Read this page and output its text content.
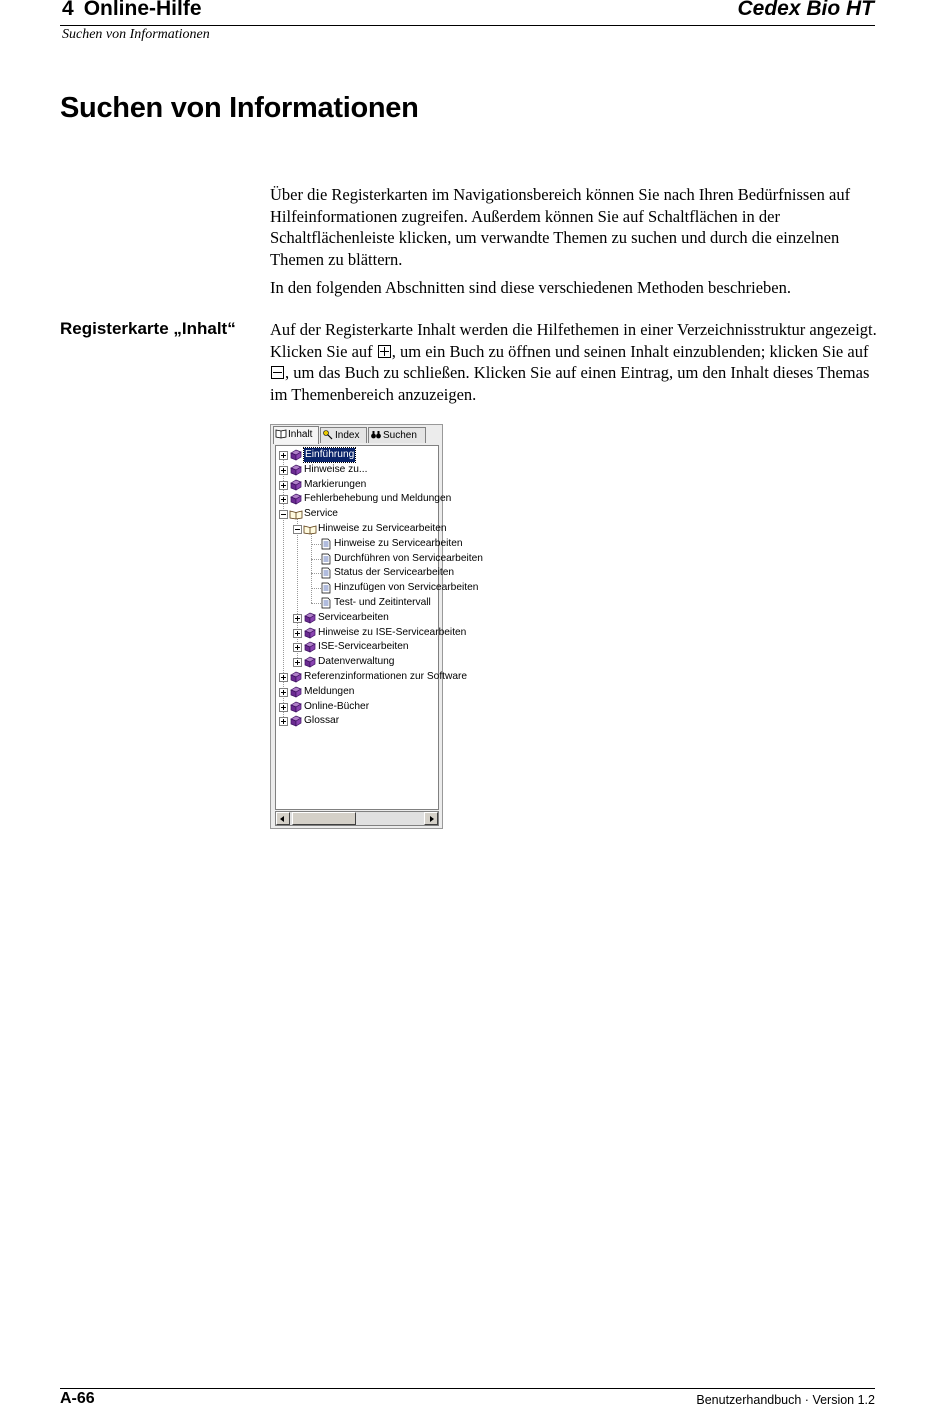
4 Online-Hilfe	Cedex Bio HT
Suchen von Informationen
Suchen von Informationen

Über die Registerkarten im Navigationsbereich können Sie nach Ihren Bedürfnissen auf Hilfeinformationen zugreifen. Außerdem können Sie auf Schaltflächen in der Schaltflächenleiste klicken, um verwandte Themen zu suchen und durch die einzelnen Themen zu blättern.

In den folgenden Abschnitten sind diese verschiedenen Methoden beschrieben.

Registerkarte „Inhalt“ Auf der Registerkarte Inhalt werden die Hilfethemen in einer Verzeichnisstruktur angezeigt. Klicken Sie auf , um ein Buch zu öffnen und seinen Inhalt einzublenden; klicken Sie auf , um das Buch zu schließen. Klicken Sie auf einen Eintrag, um den Inhalt dieses Themas im Themenbereich anzuzeigen.

Inhalt	Index	Suchen
Einführung
Hinweise zu...
Markierungen
Fehlerbehebung und Meldungen
Service
Hinweise zu Servicearbeiten
Hinweise zu Servicearbeiten
Durchführen von Servicearbeiten
Status der Servicearbeiten
Hinzufügen von Servicearbeiten
Test- und Zeitintervall
Servicearbeiten
Hinweise zu ISE-Servicearbeiten
ISE-Servicearbeiten
Datenverwaltung
Referenzinformationen zur Software
Meldungen
Online-Bücher
Glossar
A-66	Benutzerhandbuch · Version 1.2
